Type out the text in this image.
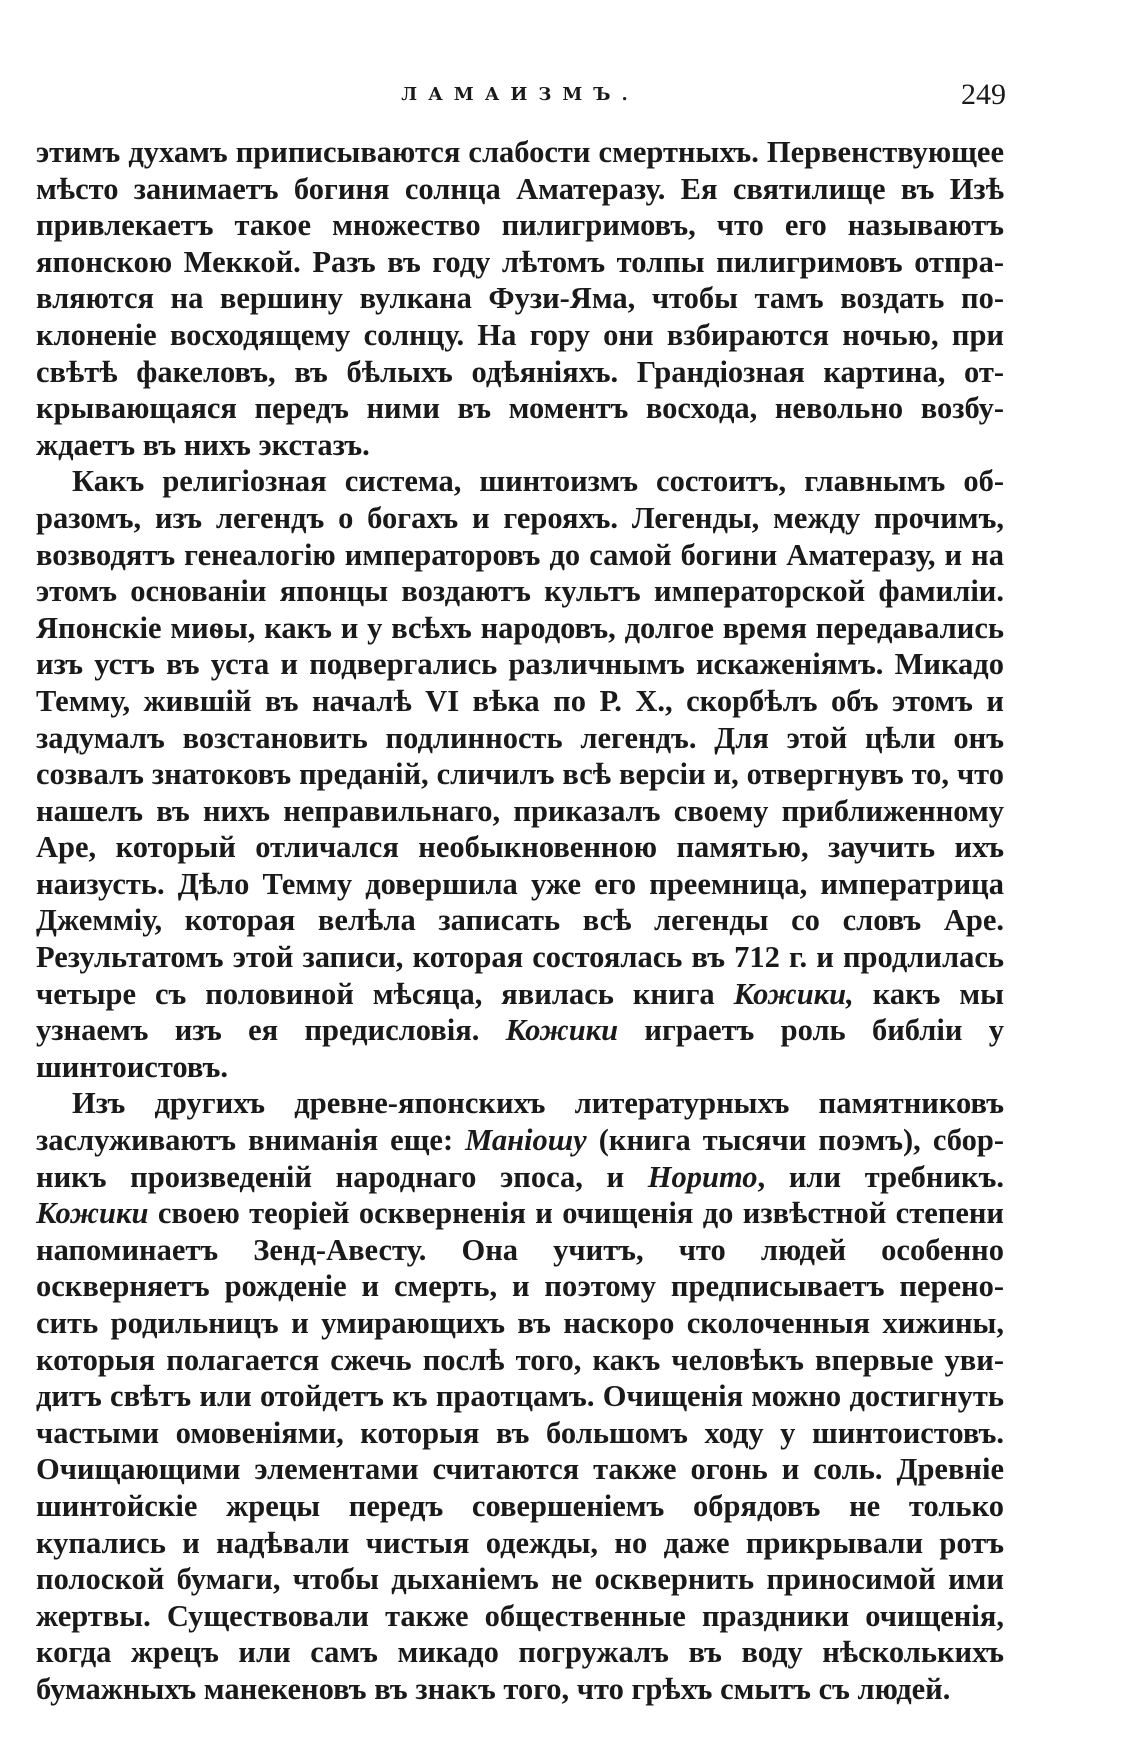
ЛАМАИЗМЪ.	249

этимъ духамъ приписываются слабости смертныхъ. Первенствующее мѣсто занимаетъ богиня солнца Аматеразу. Ея святилище въ Изѣ привлекаетъ такое множество пилигримовъ, что его называютъ японскою Меккой. Разъ въ году лѣтомъ толпы пилигримовъ отправляются на вершину вулкана Фузи-Яма, чтобы тамъ воздать поклоненіе восходящему солнцу. На гору они взбираются ночью, при свѣтѣ факеловъ, въ бѣлыхъ одѣяніяхъ. Грандіозная картина, открывающаяся передъ ними въ моментъ восхода, невольно возбуждаетъ въ нихъ экстазъ.

Какъ религіозная система, шинтоизмъ состоитъ, главнымъ образомъ, изъ легендъ о богахъ и герояхъ. Легенды, между прочимъ, возводятъ генеалогію императоровъ до самой богини Аматеразу, и на этомъ основаніи японцы воздаютъ культъ императорской фамиліи. Японскіе миѳы, какъ и у всѣхъ народовъ, долгое время передавались изъ устъ въ уста и подвергались различнымъ искаженіямъ. Микадо Темму, жившій въ началѣ VI вѣка по Р. Х., скорбѣлъ объ этомъ и задумалъ возстановить подлинность легендъ. Для этой цѣли онъ созвалъ знатоковъ преданій, сличилъ всѣ версіи и, отвергнувъ то, что нашелъ въ нихъ неправильнаго, приказалъ своему приближенному Аре, который отличался необыкновенною памятью, заучить ихъ наизусть. Дѣло Темму довершила уже его преемница, императрица Джемміу, которая велѣла записать всѣ легенды со словъ Аре. Результатомъ этой записи, которая состоялась въ 712 г. и продлилась четыре съ половиной мѣсяца, явилась книга Кожики, какъ мы узнаемъ изъ ея предисловія. Кожики играетъ роль библіи у шинтоистовъ.

Изъ другихъ древне-японскихъ литературныхъ памятниковъ заслуживаютъ вниманія еще: Маніошу (книга тысячи поэмъ), сборникъ произведеній народнаго эпоса, и Норито, или требникъ. Кожики своею теоріей оскверненія и очищенія до извѣстной степени напоминаетъ Зенд-Авесту. Она учитъ, что людей особенно оскверняетъ рожденіе и смерть, и поэтому предписываетъ переносить родильницъ и умирающихъ въ наскоро сколоченныя хижины, которыя полагается сжечь послѣ того, какъ человѣкъ впервые увидитъ свѣтъ или отойдетъ къ праотцамъ. Очищенія можно достигнуть частыми омовеніями, которыя въ большомъ ходу у шинтоистовъ. Очищающими элементами считаются также огонь и соль. Древніе шинтойскіе жрецы передъ совершеніемъ обрядовъ не только купались и надѣвали чистыя одежды, но даже прикрывали ротъ полоской бумаги, чтобы дыханіемъ не осквернить приносимой ими жертвы. Существовали также общественные праздники очищенія, когда жрецъ или самъ микадо погружалъ въ воду нѣсколькихъ бумажныхъ манекеновъ въ знакъ того, что грѣхъ смытъ съ людей.
